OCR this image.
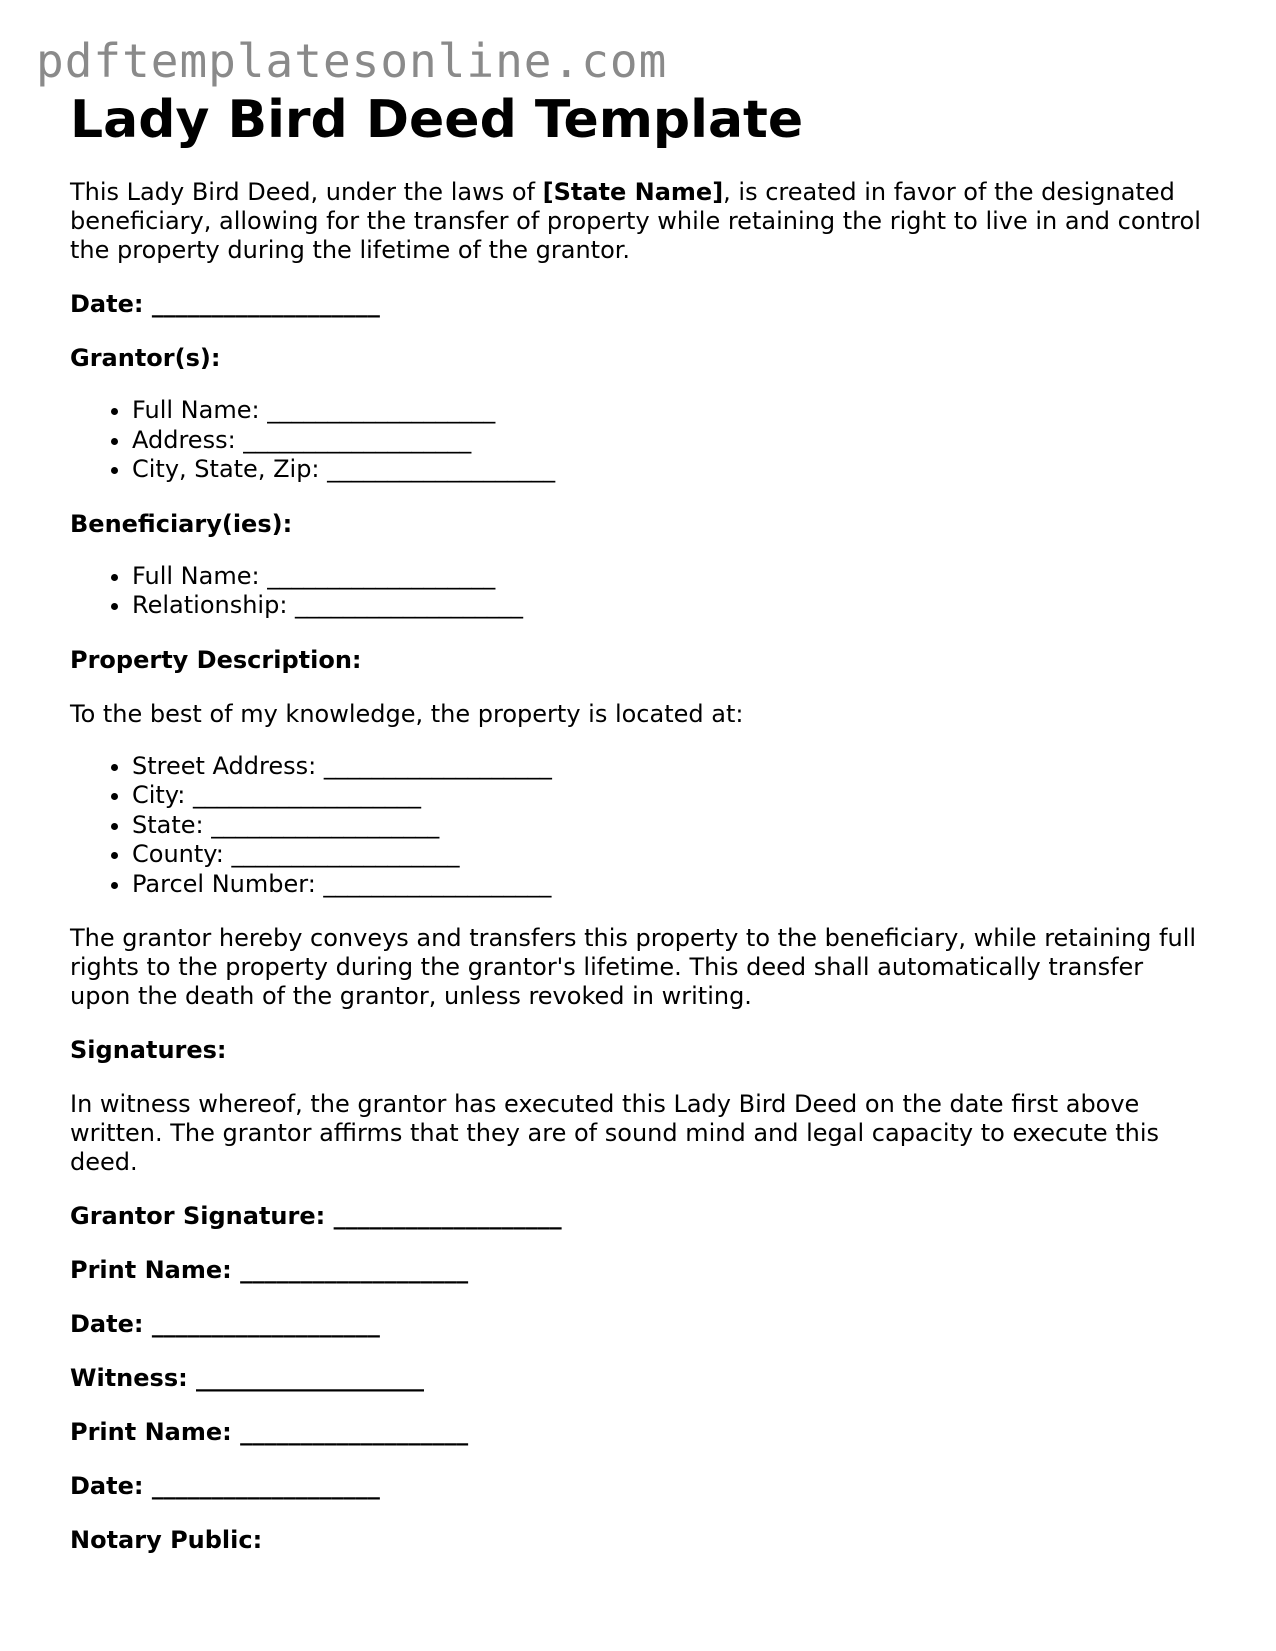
pdftemplatesonline.com
Lady Bird Deed Template

This Lady Bird Deed, under the laws of [State Name], is created in favor of the designated beneficiary, allowing for the transfer of property while retaining the right to live in and control the property during the lifetime of the grantor.

Date: ___________________

Grantor(s):

• Full Name: ___________________
• Address: ___________________
• City, State, Zip: ___________________

Beneficiary(ies):

• Full Name: ___________________
• Relationship: ___________________

Property Description:

To the best of my knowledge, the property is located at:

• Street Address: ___________________
• City: ___________________
• State: ___________________
• County: ___________________
• Parcel Number: ___________________

The grantor hereby conveys and transfers this property to the beneficiary, while retaining full rights to the property during the grantor's lifetime. This deed shall automatically transfer upon the death of the grantor, unless revoked in writing.

Signatures:

In witness whereof, the grantor has executed this Lady Bird Deed on the date first above written. The grantor affirms that they are of sound mind and legal capacity to execute this deed.

Grantor Signature: ___________________

Print Name: ___________________

Date: ___________________

Witness: ___________________

Print Name: ___________________

Date: ___________________

Notary Public:
